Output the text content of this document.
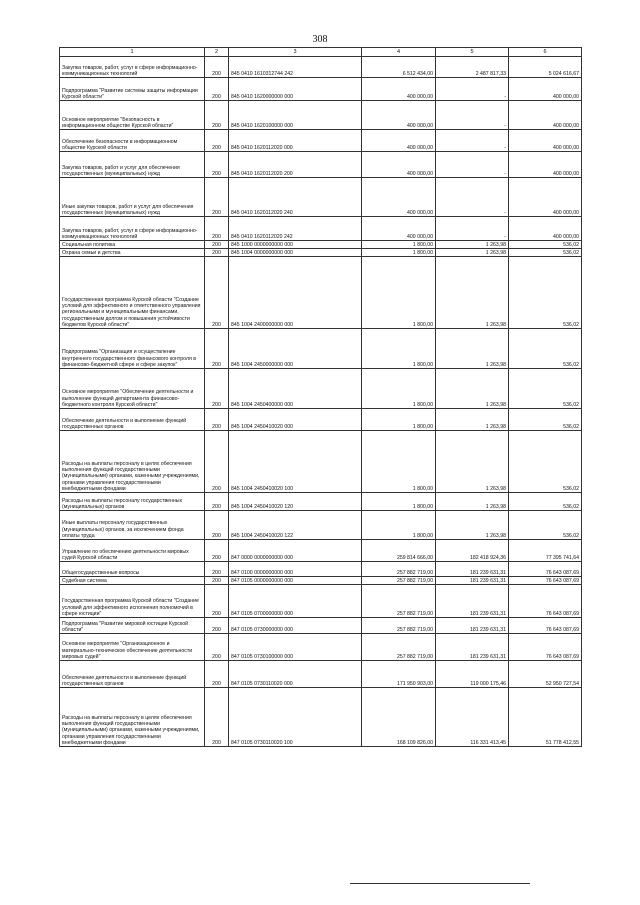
308
1	2	3	4	5	6
Закупка товаров, работ, услуг в сфере информационно-коммуникационных технологий	200	845 0410 1610312744 242	6 512 434,00	2 487 817,33	5 024 616,67
Подпрограмма "Развитие системы защиты информации Курской области"	200	845 0410 1620000000 000	400 000,00	-	400 000,00
Основное мероприятие "Безопасность в информационном обществе Курской области"	200	845 0410 1620100000 000	400 000,00	-	400 000,00
Обеспечение безопасности в информационном обществе Курской области	200	845 0410 1620112020 000	400 000,00	-	400 000,00
Закупка товаров, работ и услуг для обеспечения государственных (муниципальных) нужд	200	845 0410 1620112020 200	400 000,00	-	400 000,00
Иные закупки товаров, работ и услуг для обеспечения государственных (муниципальных) нужд	200	845 0410 1620112020 240	400 000,00	-	400 000,00
Закупка товаров, работ, услуг в сфере информационно-коммуникационных технологий	200	845 0410 1620112020 242	400 000,00	-	400 000,00
Социальная политика	200	845 1000 0000000000 000	1 800,00	1 263,98	536,02
Охрана семьи и детства	200	845 1004 0000000000 000	1 800,00	1 263,98	536,02
Государственная программа Курской области "Создание условий для эффективного и ответственного управления региональными и муниципальными финансами, государственным долгом и повышения устойчивости бюджетов Курской области"	200	845 1004 2400000000 000	1 800,00	1 263,98	536,02
Подпрограмма "Организация и осуществление внутреннего государственного финансового контроля в финансово-бюджетной сфере и сфере закупок"	200	845 1004 2450000000 000	1 800,00	1 263,98	536,02
Основное мероприятие "Обеспечение деятельности и выполнение функций департамента финансово-бюджетного контроля Курской области"	200	845 1004 2450400000 000	1 800,00	1 263,98	536,02
Обеспечение деятельности и выполнение функций государственных органов	200	845 1004 2450410020 000	1 800,00	1 263,98	536,02
Расходы на выплаты персоналу в целях обеспечения выполнения функций государственными (муниципальными) органами, казенными учреждениями, органами управления государственными внебюджетными фондами	200	845 1004 2450410020 100	1 800,00	1 263,98	536,02
Расходы на выплаты персоналу государственных (муниципальных) органов	200	845 1004 2450410020 120	1 800,00	1 263,98	536,02
Иные выплаты персоналу государственных (муниципальных) органов, за исключением фонда оплаты труда	200	845 1004 2450410020 122	1 800,00	1 263,98	536,02
Управление по обеспечению деятельности мировых судей Курской области	200	847 0000 0000000000 000	259 814 666,00	182 418 924,36	77 395 741,64
Общегосударственные вопросы	200	847 0100 0000000000 000	257 882 719,00	181 239 631,31	76 643 087,69
Судебная система	200	847 0105 0000000000 000	257 882 719,00	181 239 631,31	76 643 087,69
Государственная программа Курской области "Создание условий для эффективного исполнения полномочий в сфере юстиции"	200	847 0105 0700000000 000	257 882 719,00	181 239 631,31	76 643 087,69
Подпрограмма "Развитие мировой юстиции Курской области"	200	847 0105 0730000000 000	257 882 719,00	181 239 631,31	76 643 087,69
Основное мероприятие "Организационное и материально-техническое обеспечение деятельности мировых судей"	200	847 0105 0730100000 000	257 882 719,00	181 239 631,31	76 643 087,69
Обеспечение деятельности и выполнение функций государственных органов	200	847 0105 0730110020 000	171 950 903,00	119 000 175,46	52 950 727,54
Расходы на выплаты персоналу в целях обеспечения выполнения функций государственными (муниципальными) органами, казенными учреждениями, органами управления государственными внебюджетными фондами	200	847 0105 0730110020 100	168 109 826,00	116 331 413,45	51 778 412,55
